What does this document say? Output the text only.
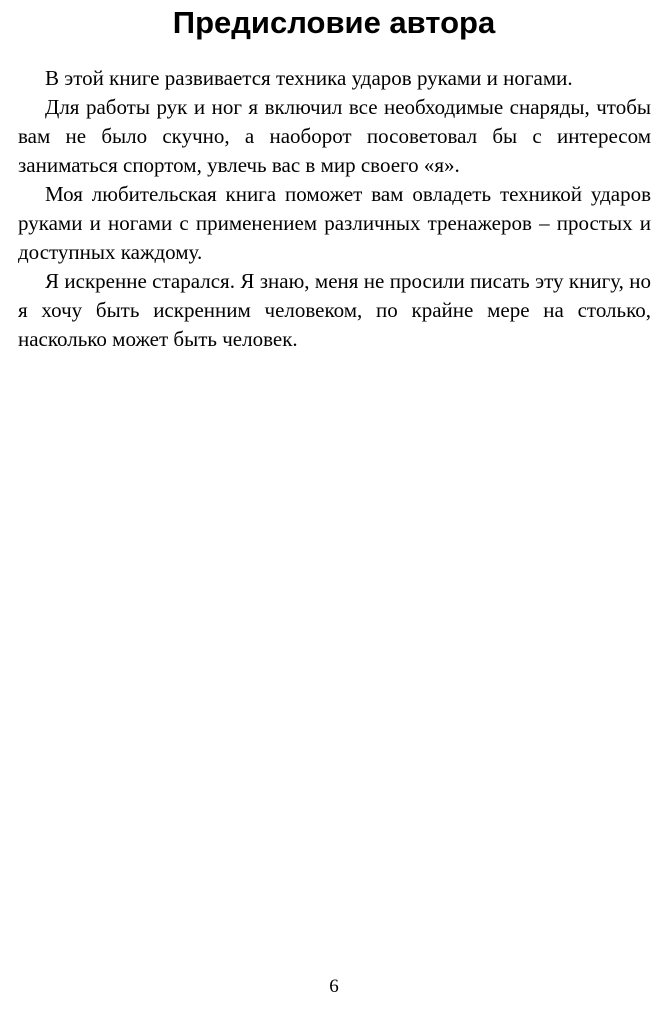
Предисловие автора

В этой книге развивается техника ударов руками и ногами.

Для работы рук и ног я включил все необходимые снаряды, чтобы вам не было скучно, а наоборот посоветовал бы с интересом заниматься спортом, увлечь вас в мир своего «я».

Моя любительская книга поможет вам овладеть техникой ударов руками и ногами с применением различных тренажеров – простых и доступных каждому.

Я искренне старался. Я знаю, меня не просили писать эту книгу, но я хочу быть искренним человеком, по крайне мере на столько, насколько может быть человек.

6
